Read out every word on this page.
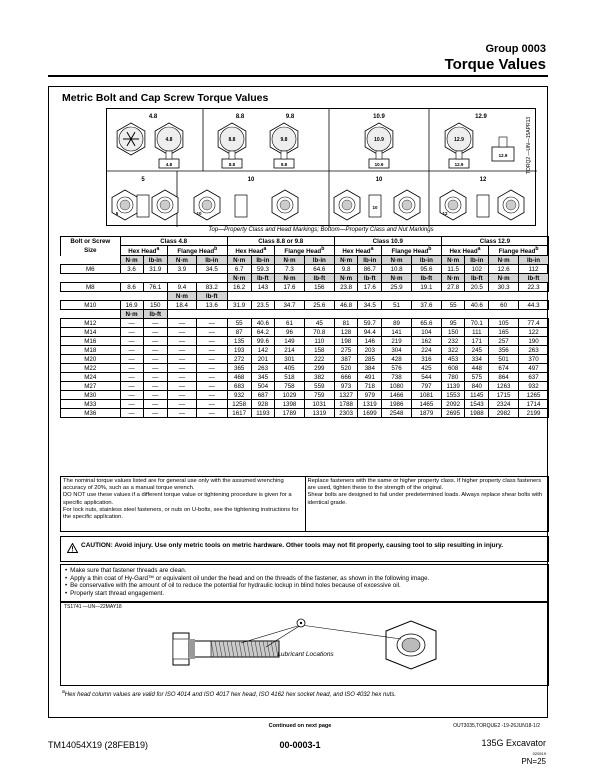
Group 0003
Torque Values
Metric Bolt and Cap Screw Torque Values
4.8	8.8	9.8	10.9	12.9
4.8
4.8
8.8	9.8
8.8	9.8
10.9
10.9
12.9
12.9
12.9
5	10	10	12
5	10
10
12
TORQ2 —UN—15APR13
Top—Property Class and Head Markings; Bottom—Property Class and Nut Markings
Bolt or Screw	Class 4.8				Class 8.8 or 9.8				Class 10.9				Class 12.9			
Size	Hex Head$^a$		Flange Head$^b$		Hex Head$^a$		Flange Head$^b$		Hex Head$^a$		Flange Head$^b$		Hex Head$^a$		Flange Head$^b$
	N·m	lb-in	N·m	lb-in	N·m	lb-in	N·m	lb-in	N·m	lb-in	N·m	lb-in	N·m	lb-in	N·m	lb-in
M6	3.6	31.9	3.9	34.5	6.7	59.3	7.3	64.6	9.8	86.7	10.8	95.6	11.5	102	12.6	112
					N·m	lb-ft	N·m	lb-ft	N·m	lb-ft	N·m	lb-ft	N·m	lb-ft	N·m	lb-ft
M8	8.6	76.1	9.4	83.2	16.2	143	17.6	156	23.8	17.6	25.9	19.1	27.8	20.5	30.3	22.3
			N·m	lb-ft												
M10	16.9	150	18.4	13.6	31.9	23.5	34.7	25.6	46.8	34.5	51	37.6	55	40.6	60	44.3
	N·m	lb-ft														
M12	—	—	—	—	55	40.6	61	45	81	59.7	89	65.6	95	70.1	105	77.4
M14	—	—	—	—	87	64.2	96	70.8	128	94.4	141	104	150	111	165	122
M16	—	—	—	—	135	99.6	149	110	198	146	219	162	232	171	257	190
M18	—	—	—	—	193	142	214	158	275	203	304	224	322	245	356	263
M20	—	—	—	—	272	201	301	222	387	285	428	316	453	334	501	370
M22	—	—	—	—	365	263	405	299	520	384	576	425	608	448	674	497
M24	—	—	—	—	468	345	518	382	666	491	738	544	780	575	864	637
M27	—	—	—	—	683	504	758	559	973	718	1080	797	1139	840	1263	932
M30	—	—	—	—	932	687	1029	759	1327	979	1466	1081	1553	1145	1715	1265
M33	—	—	—	—	1258	928	1398	1031	1788	1319	1986	1465	2092	1543	2324	1714
M36	—	—	—	—	1617	1193	1789	1319	2303	1699	2548	1879	2695	1988	2982	2199
The nominal torque values listed are for general use only with the assumed wrenching accuracy of 20%, such as a manual torque wrench.
DO NOT use these values if a different torque value or tightening procedure is given for a specific application.
For lock nuts, stainless steel fasteners, or nuts on U-bolts, see the tightening instructions for the specific application.
Replace fasteners with the same or higher property class. If higher property class fasteners are used, tighten these to the strength of the original.
Shear bolts are designed to fail under predetermined loads. Always replace shear bolts with identical grade.
CAUTION: Avoid injury. Use only metric tools on metric hardware. Other tools may not fit properly, causing tool to slip resulting in injury.
• Make sure that fastener threads are clean.
• Apply a thin coat of Hy-Gard™ or equivalent oil under the head and on the threads of the fastener, as shown in the following image.
• Be conservative with the amount of oil to reduce the potential for hydraulic lockup in blind holes because of excessive oil.
• Properly start thread engagement.
TS1741 —UN—22MAY18
Lubricant Locations
$^a$Hex head column values are valid for ISO 4014 and ISO 4017 hex head, ISO 4162 hex socket head, and ISO 4032 hex nuts.
Continued on next page	OUT3035,TORQUE2 -19-26JUN18-1/2
TM14054X19 (28FEB19)	00-0003-1	135G Excavator
020519
PN=25
